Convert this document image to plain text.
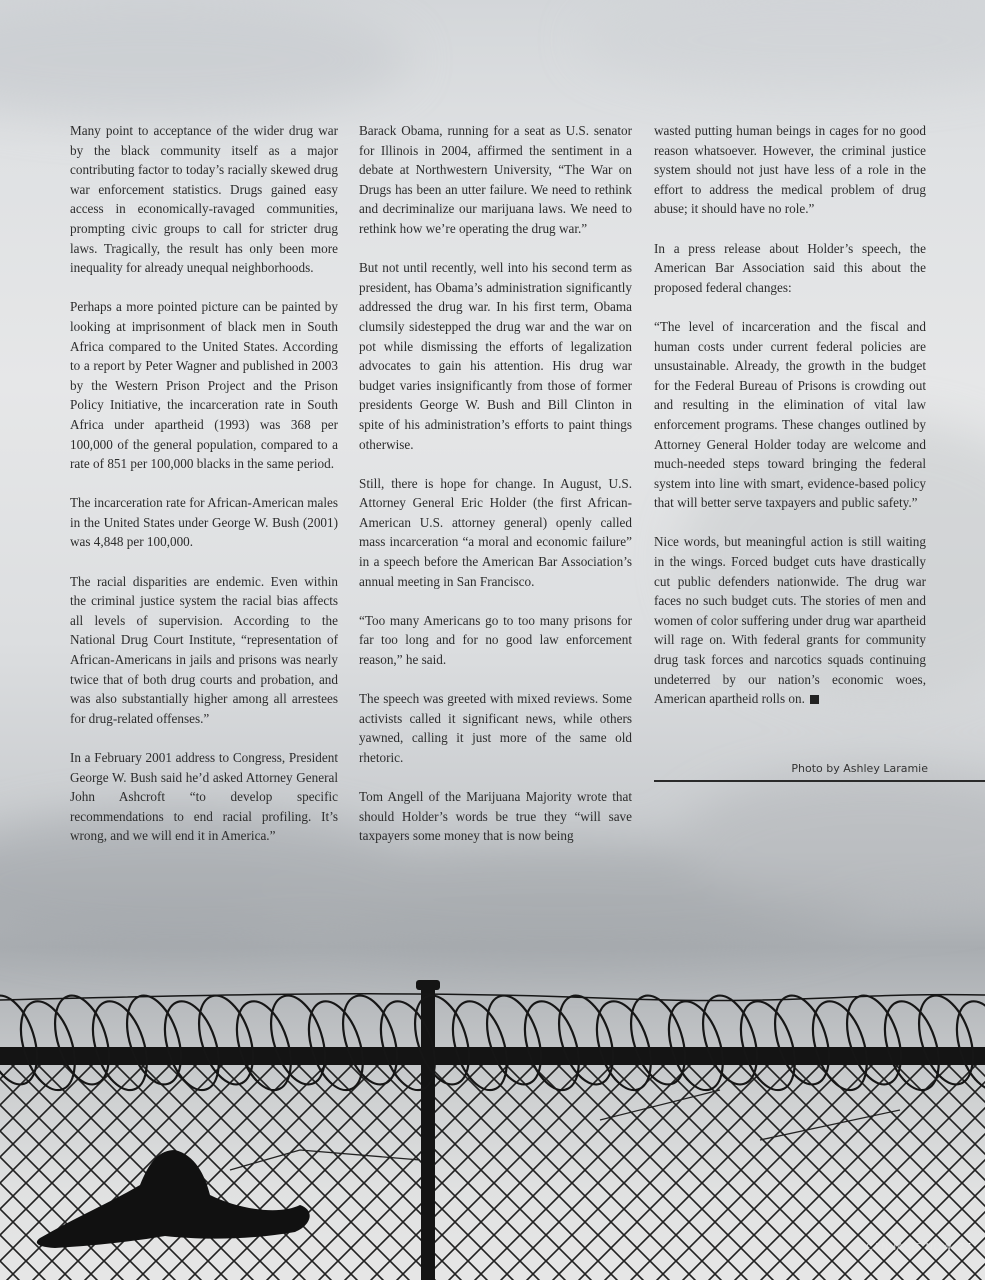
Many point to acceptance of the wider drug war by the black community itself as a major contributing factor to today’s racially skewed drug war enforcement statistics. Drugs gained easy access in economically-ravaged communities, prompting civic groups to call for stricter drug laws. Tragically, the result has only been more inequality for already unequal neighborhoods.

Perhaps a more pointed picture can be painted by looking at imprisonment of black men in South Africa compared to the United States. According to a report by Peter Wagner and published in 2003 by the Western Prison Project and the Prison Policy Initiative, the incarceration rate in South Africa under apartheid (1993) was 368 per 100,000 of the general population, compared to a rate of 851 per 100,000 blacks in the same period.

The incarceration rate for African-American males in the United States under George W. Bush (2001) was 4,848 per 100,000.

The racial disparities are endemic. Even within the criminal justice system the racial bias affects all levels of supervision. According to the National Drug Court Institute, “representation of African-Americans in jails and prisons was nearly twice that of both drug courts and probation, and was also substantially higher among all arrestees for drug-related offenses.”

In a February 2001 address to Congress, President George W. Bush said he’d asked Attorney General John Ashcroft “to develop specific recommendations to end racial profiling. It’s wrong, and we will end it in America.”

Barack Obama, running for a seat as U.S. senator for Illinois in 2004, affirmed the sentiment in a debate at Northwestern University, “The War on Drugs has been an utter failure. We need to rethink and decriminalize our marijuana laws. We need to rethink how we’re operating the drug war.”

But not until recently, well into his second term as president, has Obama’s administration significantly addressed the drug war. In his first term, Obama clumsily sidestepped the drug war and the war on pot while dismissing the efforts of legalization advocates to gain his attention. His drug war budget varies insignificantly from those of former presidents George W. Bush and Bill Clinton in spite of his administration’s efforts to paint things otherwise.

Still, there is hope for change. In August, U.S. Attorney General Eric Holder (the first African-American U.S. attorney general) openly called mass incarceration “a moral and economic failure” in a speech before the American Bar Association’s annual meeting in San Francisco.

“Too many Americans go to too many prisons for far too long and for no good law enforcement reason,” he said.

The speech was greeted with mixed reviews. Some activists called it significant news, while others yawned, calling it just more of the same old rhetoric.

Tom Angell of the Marijuana Majority wrote that should Holder’s words be true they “will save taxpayers some money that is now being

wasted putting human beings in cages for no good reason whatsoever. However, the criminal justice system should not just have less of a role in the effort to address the medical problem of drug abuse; it should have no role.”

In a press release about Holder’s speech, the American Bar Association said this about the proposed federal changes:

“The level of incarceration and the fiscal and human costs under current federal policies are unsustainable. Already, the growth in the budget for the Federal Bureau of Prisons is crowding out and resulting in the elimination of vital law enforcement programs. These changes outlined by Attorney General Holder today are welcome and much-needed steps toward bringing the federal system into line with smart, evidence-based policy that will better serve taxpayers and public safety.”

Nice words, but meaningful action is still waiting in the wings. Forced budget cuts have drastically cut public defenders nationwide. The drug war faces no such budget cuts. The stories of men and women of color suffering under drug war apartheid will rage on. With federal grants for community drug task forces and narcotics squads continuing undeterred by our nation’s economic woes, American apartheid rolls on.

Photo by Ashley Laramie
CANNABIS NOW 27
